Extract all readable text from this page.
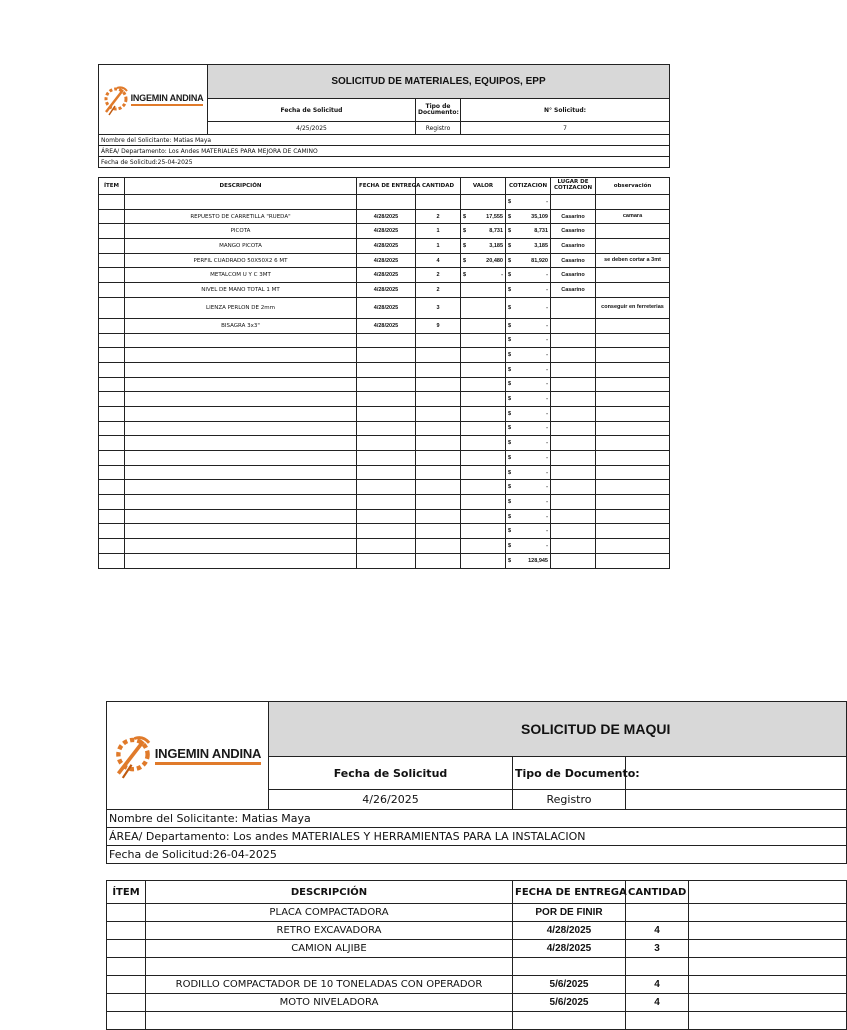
INGEMIN ANDINA		SOLICITUD DE MATERIALES, EQUIPOS, EPP						
		Fecha de Solicitud		Tipo de Documento:	N° Solicitud:			
		4/25/2025		Registro	7			
Nombre del Solicitante: Matias Maya								
ÁREA/ Departamento: Los Andes MATERIALES PARA MEJORA DE CAMINO								
Fecha de Solicitud:25-04-2025								

ÍTEM	DESCRIPCIÓN		FECHA DE ENTREGA	CANTIDAD	VALOR	COTIZACION	LUGAR DE COTIZACION	observación

						$ -		

	REPUESTO DE CARRETILLA "RUEDA"		4/28/2025	2	$ 17,555	$ 35,109	Casarino	camara
	PICOTA		4/28/2025	1	$ 8,731	$ 8,731	Casarino	
	MANGO PICOTA		4/28/2025	1	$ 3,185	$ 3,185	Casarino	
	PERFIL CUADRADO 50X50X2 6 MT		4/28/2025	4	$ 20,480	$ 81,920	Casarino	se deben cortar a 3mt
	METALCOM U Y C 3MT		4/28/2025	2	$ -	$ -	Casarino	
	NIVEL DE MANO TOTAL 1 MT		4/28/2025	2		$ -	Casarino	
	LIENZA PERLON DE 2mm		4/28/2025	3		$ -		conseguir en ferreterias
	BISAGRA 3x3"		4/28/2025	9		$ -		

						$ -		

						$ -		

						$ -		

						$ -		

						$ -		

						$ -		

						$ -		

						$ -		

						$ -		

						$ -		

						$ -		

						$ -		

						$ -		

						$ -		

						$ -		

						$ 128,945		

INGEMIN ANDINA		SOLICITUD DE MAQUI			
		Fecha de Solicitud	Tipo de Documento:		
		4/26/2025	Registro		
Nombre del Solicitante: Matias Maya					
ÁREA/ Departamento: Los andes MATERIALES Y HERRAMIENTAS PARA LA INSTALACION					
Fecha de Solicitud:26-04-2025					

ÍTEM	DESCRIPCIÓN		FECHA DE ENTREGA	CANTIDAD	
	PLACA COMPACTADORA		POR DE FINIR		
	RETRO EXCAVADORA		4/28/2025	4	
	CAMION ALJIBE		4/28/2025	3	

	RODILLO COMPACTADOR DE 10 TONELADAS CON OPERADOR		5/6/2025	4	
	MOTO NIVELADORA		5/6/2025	4	
